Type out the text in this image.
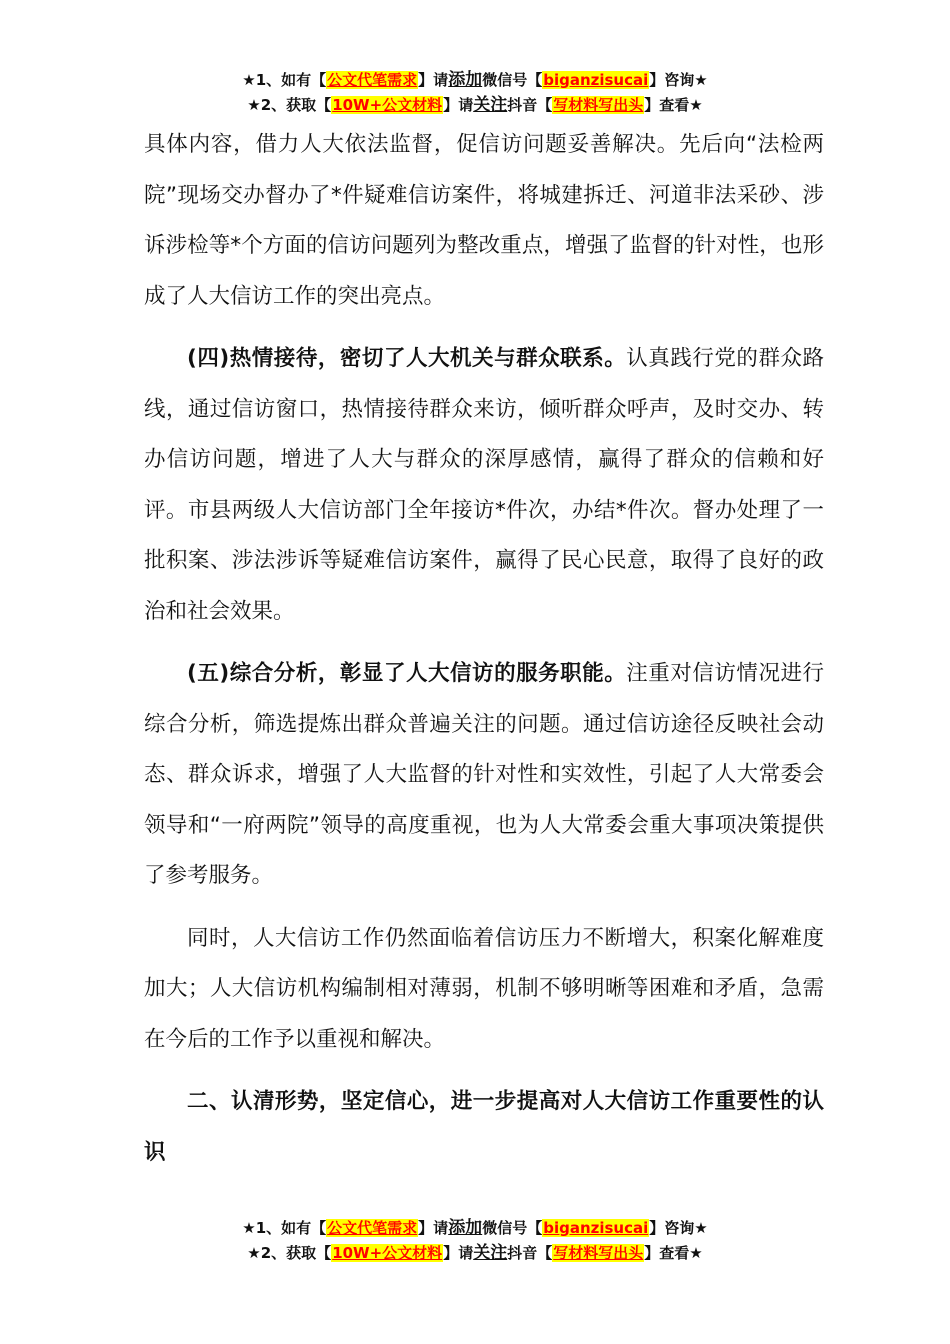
★1、如有【公文代笔需求】请添加微信号【biganzisucai】咨询★
★2、获取【10W+公文材料】请关注抖音【写材料写出头】查看★

具体内容，借力人大依法监督，促信访问题妥善解决。先后向“法检两院”现场交办督办了*件疑难信访案件，将城建拆迁、河道非法采砂、涉诉涉检等*个方面的信访问题列为整改重点，增强了监督的针对性，也形成了人大信访工作的突出亮点。

(四)热情接待，密切了人大机关与群众联系。认真践行党的群众路线，通过信访窗口，热情接待群众来访，倾听群众呼声，及时交办、转办信访问题，增进了人大与群众的深厚感情，赢得了群众的信赖和好评。市县两级人大信访部门全年接访*件次，办结*件次。督办处理了一批积案、涉法涉诉等疑难信访案件，赢得了民心民意，取得了良好的政治和社会效果。

(五)综合分析，彰显了人大信访的服务职能。注重对信访情况进行综合分析，筛选提炼出群众普遍关注的问题。通过信访途径反映社会动态、群众诉求，增强了人大监督的针对性和实效性，引起了人大常委会领导和“一府两院”领导的高度重视，也为人大常委会重大事项决策提供了参考服务。

同时，人大信访工作仍然面临着信访压力不断增大，积案化解难度加大；人大信访机构编制相对薄弱，机制不够明晰等困难和矛盾，急需在今后的工作予以重视和解决。

二、认清形势，坚定信心，进一步提高对人大信访工作重要性的认识

★1、如有【公文代笔需求】请添加微信号【biganzisucai】咨询★
★2、获取【10W+公文材料】请关注抖音【写材料写出头】查看★
